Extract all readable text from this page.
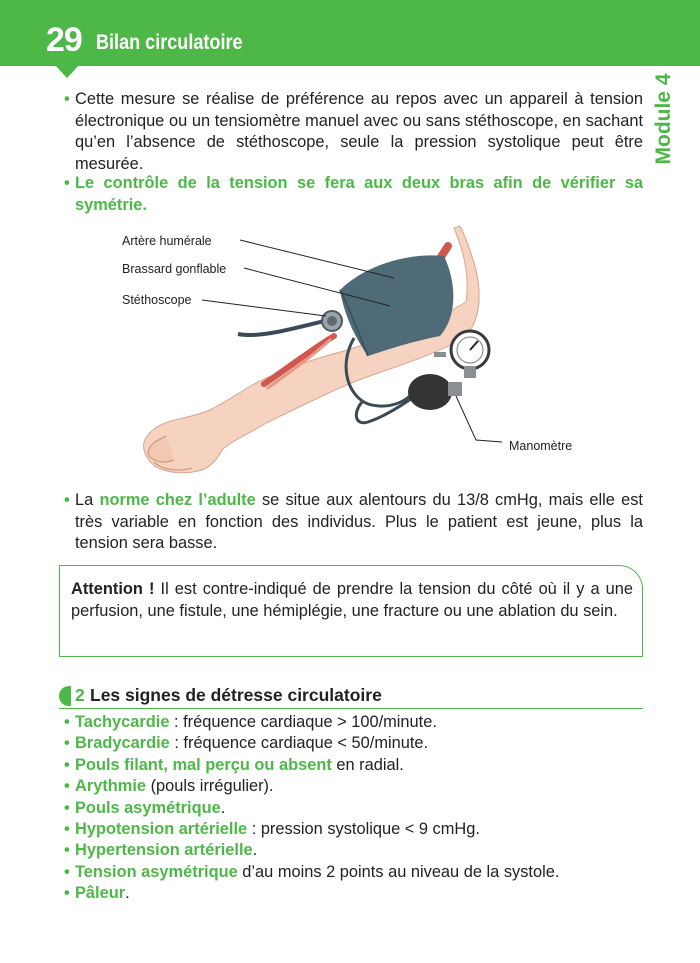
29 Bilan circulatoire
Module 4
• Cette mesure se réalise de préférence au repos avec un appareil à tension électronique ou un tensiomètre manuel avec ou sans stéthoscope, en sachant qu’en l’absence de stéthoscope, seule la pression systolique peut être mesurée.
• Le contrôle de la tension se fera aux deux bras afin de vérifier sa symétrie.
Artère humérale
Brassard gonflable
Stéthoscope
Manomètre
• La norme chez l’adulte se situe aux alentours du 13/8 cmHg, mais elle est très variable en fonction des individus. Plus le patient est jeune, plus la tension sera basse.
Attention ! Il est contre-indiqué de prendre la tension du côté où il y a une perfusion, une fistule, une hémiplégie, une fracture ou une ablation du sein.
2 Les signes de détresse circulatoire
• Tachycardie : fréquence cardiaque > 100/minute.
• Bradycardie : fréquence cardiaque < 50/minute.
• Pouls filant, mal perçu ou absent en radial.
• Arythmie (pouls irrégulier).
• Pouls asymétrique.
• Hypotension artérielle : pression systolique < 9 cmHg.
• Hypertension artérielle.
• Tension asymétrique d’au moins 2 points au niveau de la systole.
• Pâleur.
